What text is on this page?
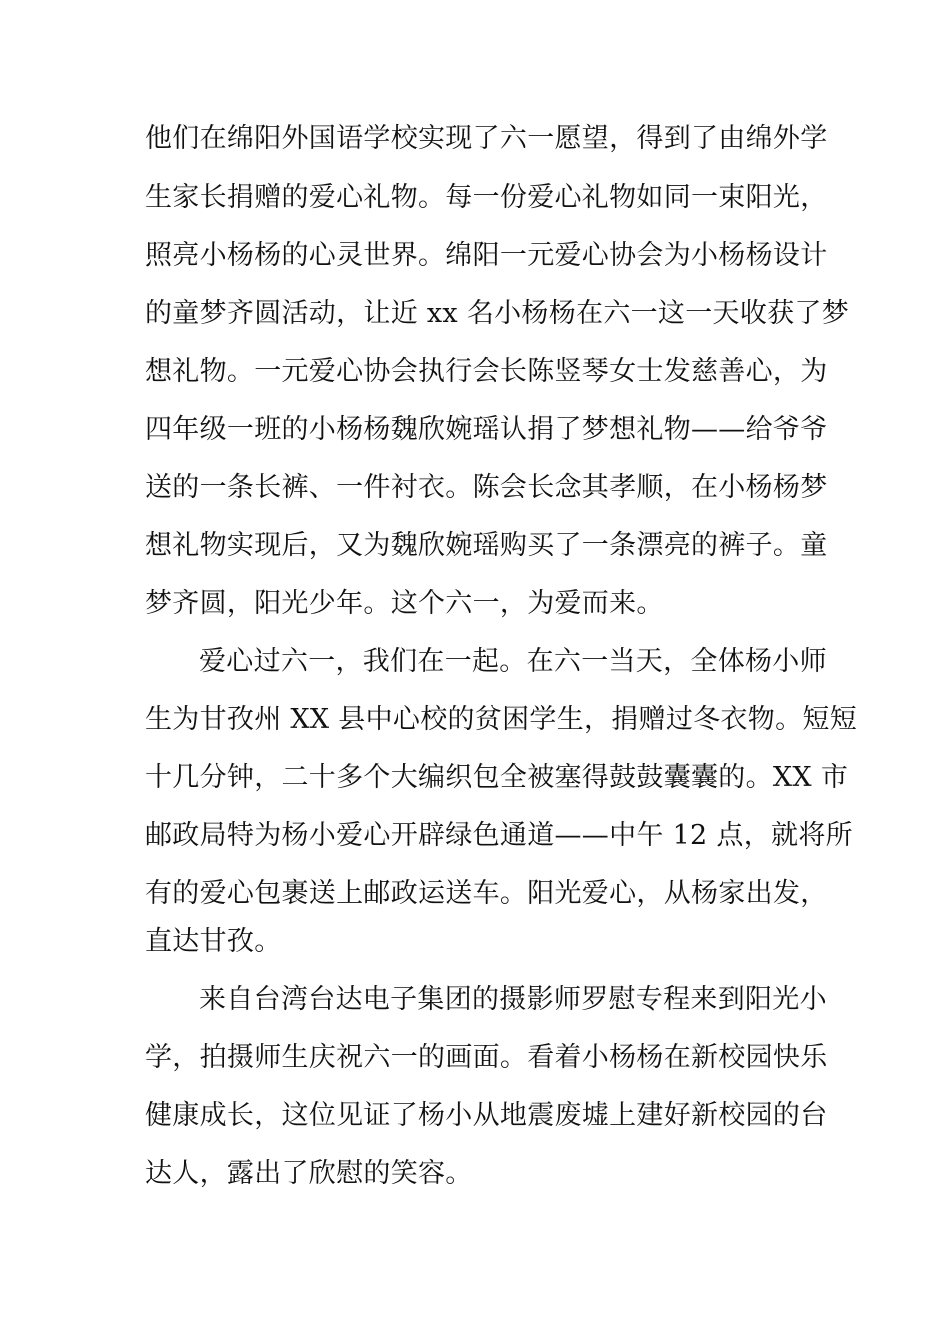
他们在绵阳外国语学校实现了六一愿望，得到了由绵外学
生家长捐赠的爱心礼物。每一份爱心礼物如同一束阳光，
照亮小杨杨的心灵世界。绵阳一元爱心协会为小杨杨设计
的童梦齐圆活动，让近 xx 名小杨杨在六一这一天收获了梦
想礼物。一元爱心协会执行会长陈竖琴女士发慈善心，为
四年级一班的小杨杨魏欣婉瑶认捐了梦想礼物——给爷爷
送的一条长裤、一件衬衣。陈会长念其孝顺，在小杨杨梦
想礼物实现后，又为魏欣婉瑶购买了一条漂亮的裤子。童
梦齐圆，阳光少年。这个六一，为爱而来。
爱心过六一，我们在一起。在六一当天，全体杨小师
生为甘孜州 XX 县中心校的贫困学生，捐赠过冬衣物。短短
十几分钟，二十多个大编织包全被塞得鼓鼓囊囊的。XX 市
邮政局特为杨小爱心开辟绿色通道——中午 12 点，就将所
有的爱心包裹送上邮政运送车。阳光爱心，从杨家出发，
直达甘孜。
来自台湾台达电子集团的摄影师罗慰专程来到阳光小
学，拍摄师生庆祝六一的画面。看着小杨杨在新校园快乐
健康成长，这位见证了杨小从地震废墟上建好新校园的台
达人，露出了欣慰的笑容。
